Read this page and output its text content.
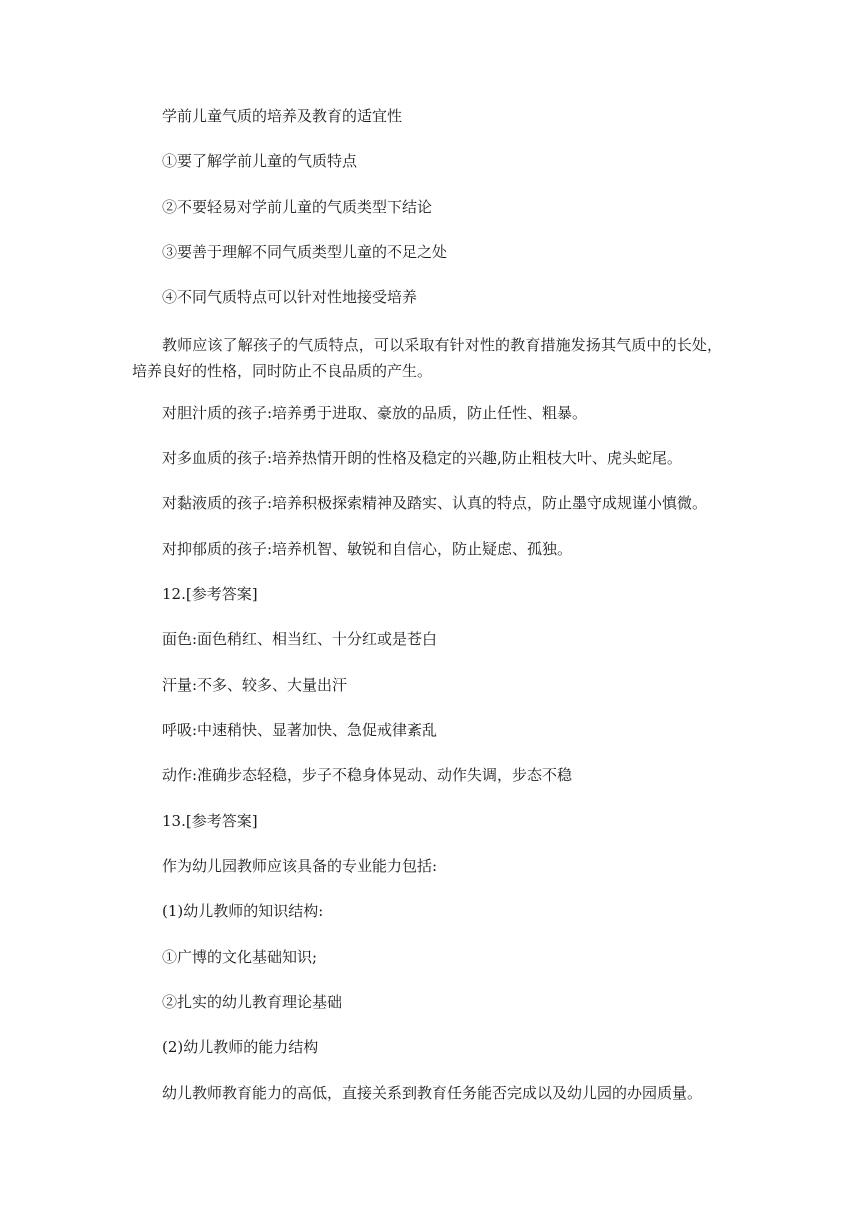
学前儿童气质的培养及教育的适宜性
①要了解学前儿童的气质特点
②不要轻易对学前儿童的气质类型下结论
③要善于理解不同气质类型儿童的不足之处
④不同气质特点可以针对性地接受培养
教师应该了解孩子的气质特点，可以采取有针对性的教育措施发扬其气质中的长处，培养良好的性格，同时防止不良品质的产生。
对胆汁质的孩子:培养勇于进取、豪放的品质，防止任性、粗暴。
对多血质的孩子:培养热情开朗的性格及稳定的兴趣,防止粗枝大叶、虎头蛇尾。
对黏液质的孩子:培养积极探索精神及踏实、认真的特点，防止墨守成规谨小慎微。
对抑郁质的孩子:培养机智、敏锐和自信心，防止疑虑、孤独。
12.[参考答案]
面色:面色稍红、相当红、十分红或是苍白
汗量:不多、较多、大量出汗
呼吸:中速稍快、显著加快、急促戒律紊乱
动作:准确步态轻稳，步子不稳身体晃动、动作失调，步态不稳
13.[参考答案]
作为幼儿园教师应该具备的专业能力包括:
(1)幼儿教师的知识结构:
①广博的文化基础知识;
②扎实的幼儿教育理论基础
(2)幼儿教师的能力结构
幼儿教师教育能力的高低，直接关系到教育任务能否完成以及幼儿园的办园质量。
